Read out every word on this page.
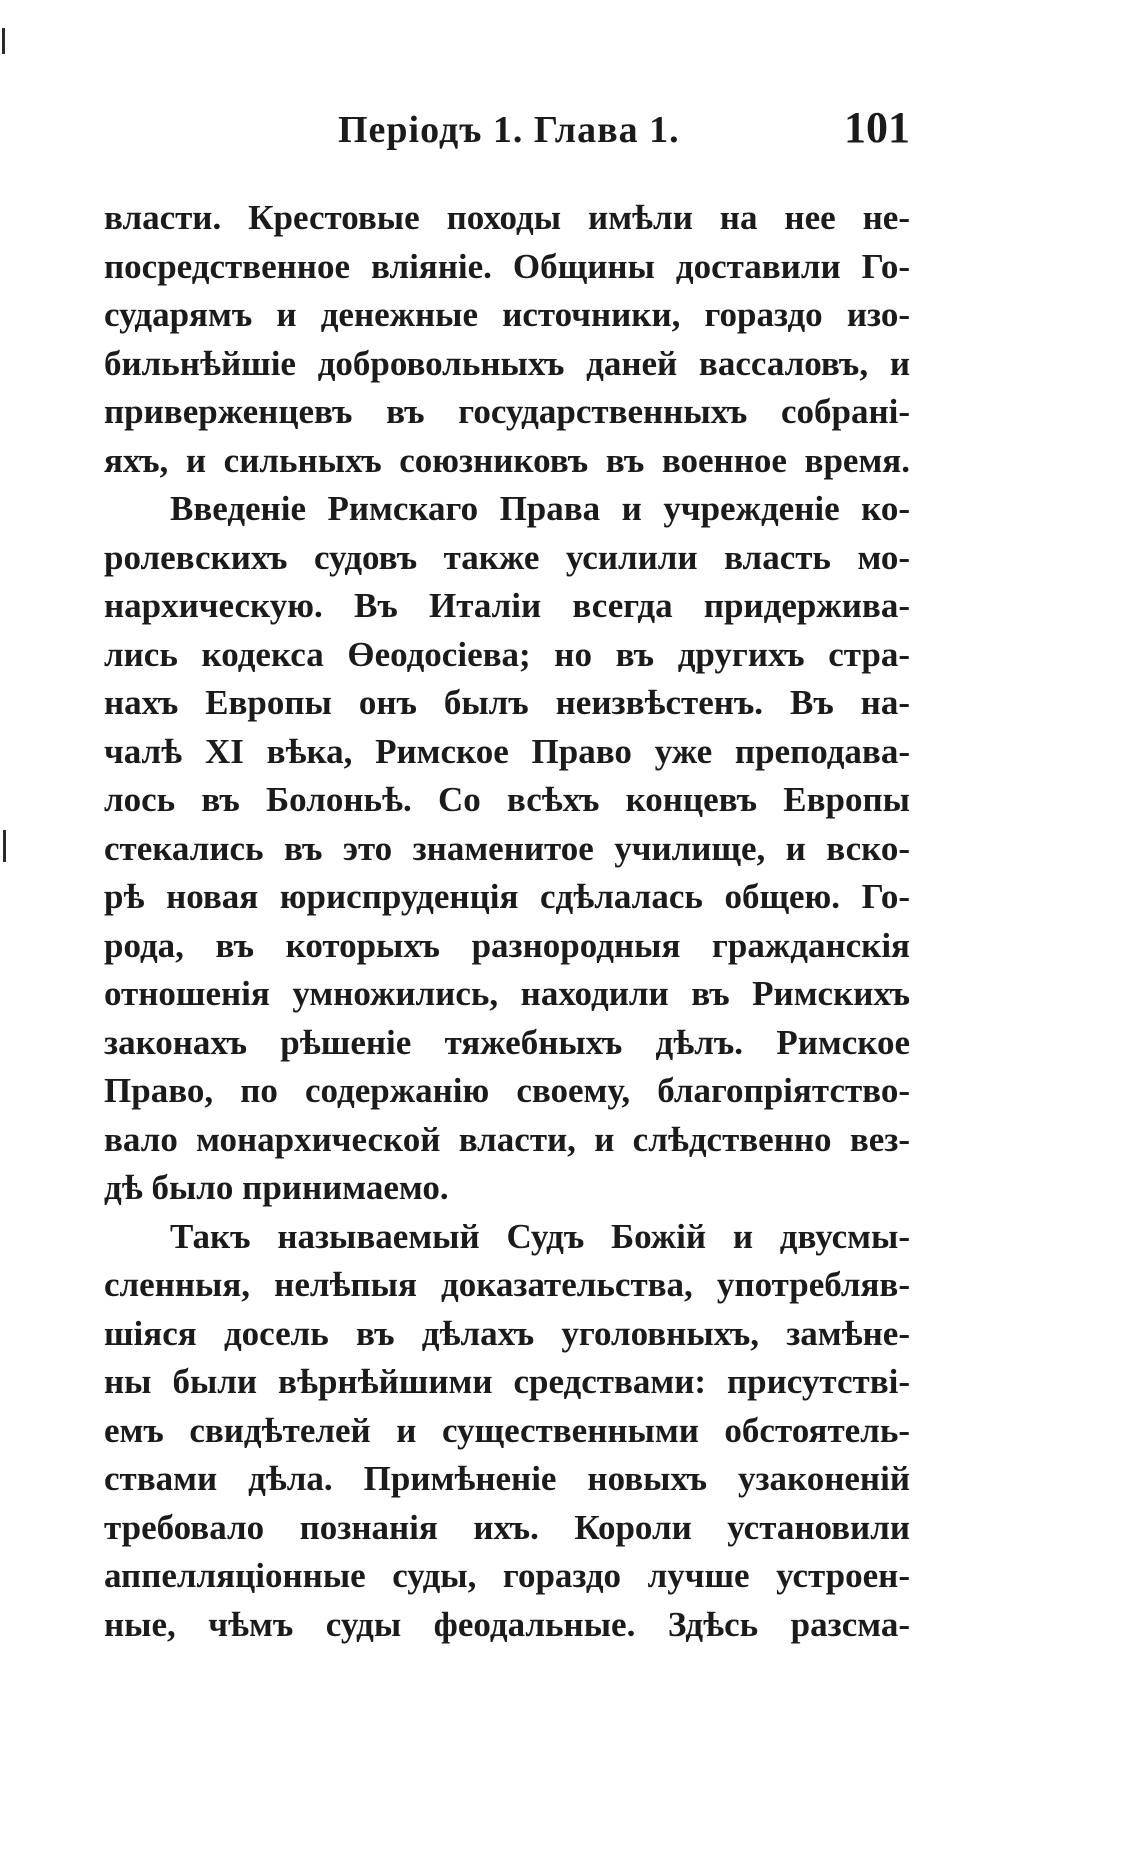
Періодъ 1. Глава 1.	101
власти. Крестовые походы имѣли на нее не-
посредственное вліяніе. Общины доставили Го-
сударямъ и денежные источники, гораздо изо-
бильнѣйшіе добровольныхъ даней вассаловъ, и
приверженцевъ въ государственныхъ собрані-
яхъ, и сильныхъ союзниковъ въ военное время.
Введеніе Римскаго Права и учрежденіе ко-
ролевскихъ судовъ также усилили власть мо-
нархическую. Въ Италіи всегда придержива-
лись кодекса Өеодосіева; но въ другихъ стра-
нахъ Европы онъ былъ неизвѣстенъ. Въ на-
чалѣ XI вѣка, Римское Право уже преподава-
лось въ Болоньѣ. Со всѣхъ концевъ Европы
стекались въ это знаменитое училище, и вско-
рѣ новая юриспруденція сдѣлалась общею. Го-
рода, въ которыхъ разнородныя гражданскія
отношенія умножились, находили въ Римскихъ
законахъ рѣшеніе тяжебныхъ дѣлъ. Римское
Право, по содержанію своему, благопріятство-
вало монархической власти, и слѣдственно вез-
дѣ было принимаемо.
Такъ называемый Судъ Божій и двусмы-
сленныя, нелѣпыя доказательства, употребляв-
шіяся досель въ дѣлахъ уголовныхъ, замѣне-
ны были вѣрнѣйшими средствами: присутстві-
емъ свидѣтелей и существенными обстоятель-
ствами дѣла. Примѣненіе новыхъ узаконеній
требовало познанія ихъ. Короли установили
аппелляціонные суды, гораздо лучше устроен-
ные, чѣмъ суды феодальные. Здѣсь разсма-
